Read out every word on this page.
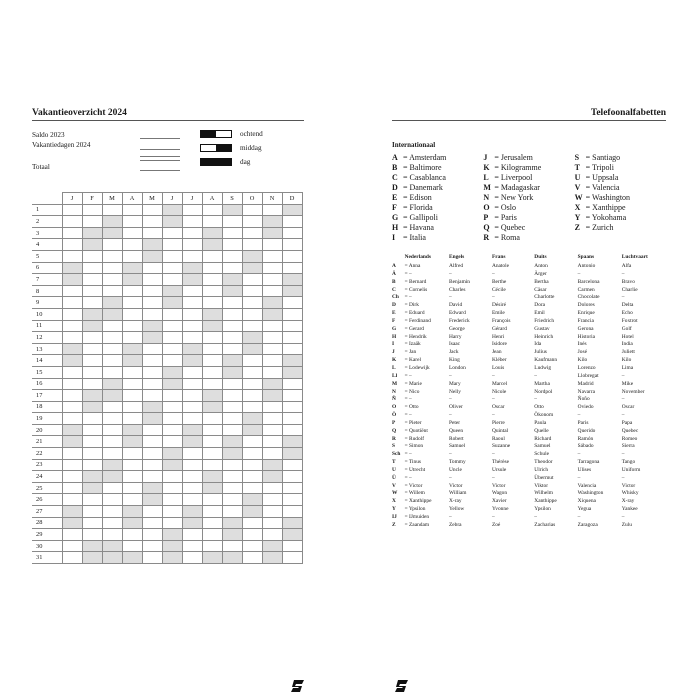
Vakantieoverzicht 2024
Saldo 2023
Vakantiedagen 2024
Totaal
ochtend
middag
dag
	J	F	M	A	M	J	J	A	S	O	N	D
1												
2												
3												
4												
5												
6												
7												
8												
9												
10												
11												
12												
13												
14												
15												
16												
17												
18												
19												
20												
21												
22												
23												
24												
25												
26												
27												
28												
29												
30												
31												
Telefoonalfabetten
Internationaal
A = Amsterdam
B = Baltimore
C = Casablanca
D = Danemark
E = Edison
F = Florida
G = Gallipoli
H = Havana
I = Italia
J = Jerusalem
K = Kilogramme
L = Liverpool
M = Madagaskar
N = New York
O = Oslo
P = Paris
Q = Quebec
R = Roma
S = Santiago
T = Tripoli
U = Uppsala
V = Valencia
W = Washington
X = Xanthippe
Y = Yokohama
Z = Zurich
	Nederlands	Engels	Frans	Duits	Spaans	Luchtvaart
A	= Anna	Alfred	Anatole	Anton	Antonio	Alfa
Ä	= –	–	–	Ärger	–	–
B	= Bernard	Benjamin	Berthe	Bertha	Barcelona	Bravo
C	= Cornelis	Charles	Cécile	Cäsar	Carmen	Charlie
Ch	= –	–	–	Charlotte	Chocolate	–
D	= Dirk	David	Désiré	Dora	Dolores	Delta
E	= Eduard	Edward	Emile	Emil	Enrique	Echo
F	= Ferdinand	Frederick	François	Friedrich	Francia	Foxtrot
G	= Gerard	George	Gérard	Gustav	Gerona	Golf
H	= Hendrik	Harry	Henri	Heinrich	Historia	Hotel
I	= Izaäk	Isaac	Isidore	Ida	Inés	India
J	= Jan	Jack	Jean	Julius	José	Juliett
K	= Karel	King	Kléber	Kaufmann	Kilo	Kilo
L	= Lodewijk	London	Louis	Ludwig	Lorenzo	Lima
Ll	= –	–	–	–	Llobregat	–
M	= Marie	Mary	Marcel	Martha	Madrid	Mike
N	= Nico	Nelly	Nicole	Nordpol	Navarra	November
Ñ	= –	–	–	–	Ñoño	–
O	= Otto	Oliver	Oscar	Otto	Oviedo	Oscar
Ö	= –	–	–	Ökonom	–	–
P	= Pieter	Peter	Pierre	Paula	Paris	Papa
Q	= Quotiënt	Queen	Quintal	Quelle	Querido	Quebec
R	= Rudolf	Robert	Raoul	Richard	Ramón	Romeo
S	= Simon	Samuel	Suzanne	Samuel	Sábado	Sierra
Sch	= –	–	–	Schule	–	–
T	= Tinus	Tommy	Thérèse	Theodor	Tarragona	Tango
U	= Utrecht	Uncle	Ursule	Ulrich	Ulises	Uniform
Ü	= –	–	–	Übermut	–	–
V	= Victor	Victor	Victor	Viktor	Valencia	Victor
W	= Willem	William	Wagon	Wilhelm	Washington	Whisky
X	= Xanthippe	X-ray	Xavier	Xanthippe	Xiquena	X-ray
Y	= Ypsilon	Yellow	Yvonne	Ypsilon	Yegua	Yankee
IJ	= IJmuiden	–	–	–	–	–
Z	= Zaandam	Zebra	Zoé	Zacharias	Zaragoza	Zulu
